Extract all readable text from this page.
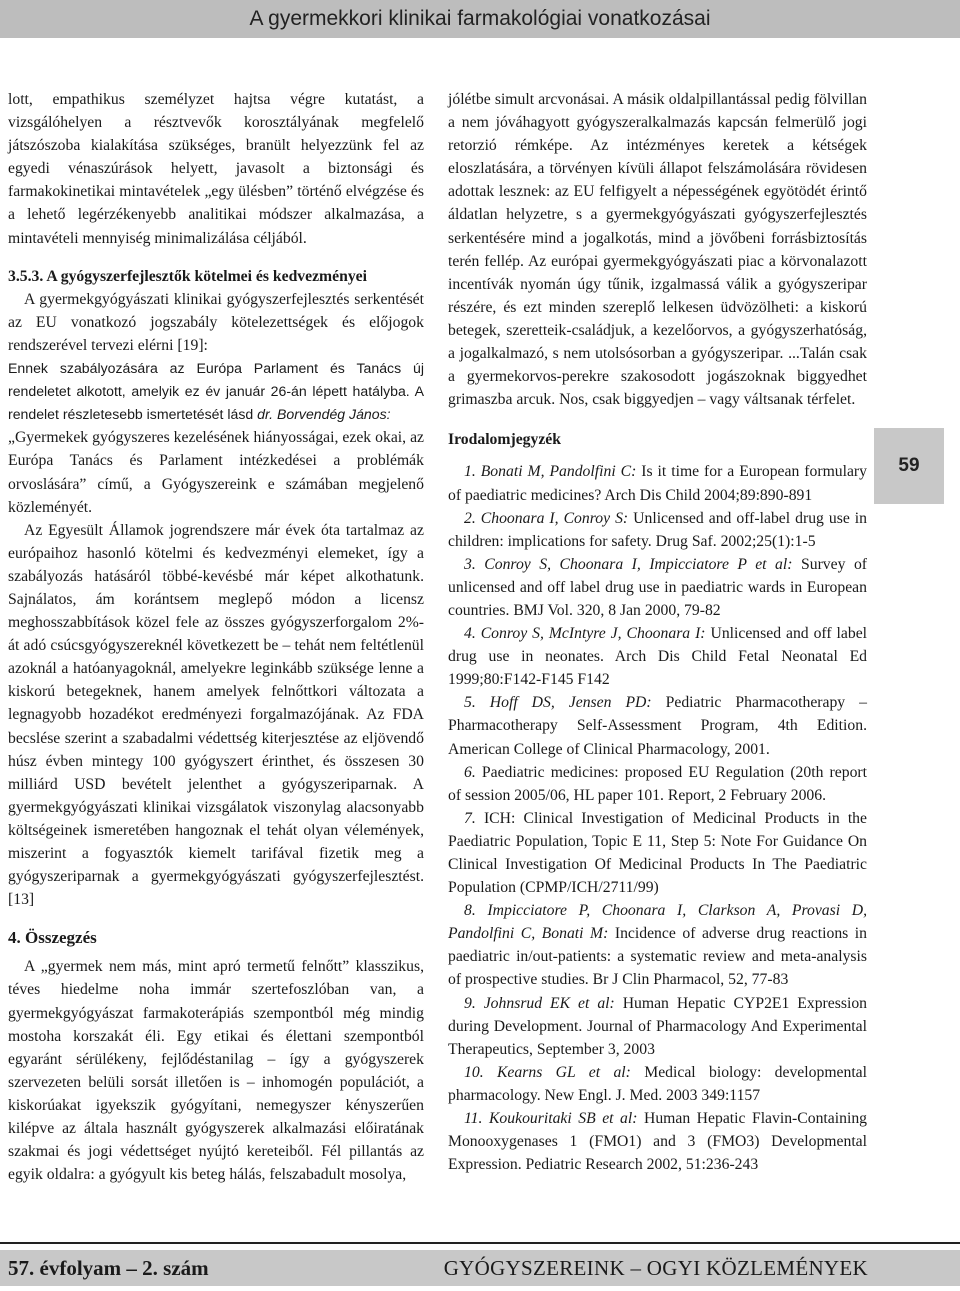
A gyermekkori klinikai farmakológiai vonatkozásai

lott, empathikus személyzet hajtsa végre kutatást, a vizsgálóhelyen a résztvevők korosztályának megfelelő játszószoba kialakítása szükséges, branült helyezzünk fel az egyedi vénaszúrások helyett, javasolt a biztonsági és farmakokinetikai mintavételek „egy ülésben” történő elvégzése és a lehető legérzékenyebb analitikai módszer alkalmazása, a mintavételi mennyiség minimalizálása céljából.

3.5.3. A gyógyszerfejlesztők kötelmei és kedvezményei

A gyermekgyógyászati klinikai gyógyszerfejlesztés serkentését az EU vonatkozó jogszabály kötelezettségek és előjogok rendszerével tervezi elérni [19]:

Ennek szabályozására az Európa Parlament és Tanács új rendeletet alkotott, amelyik ez év január 26-án lépett hatályba. A rendelet részletesebb ismertetését lásd dr. Borvendég János:

„Gyermekek gyógyszeres kezelésének hiányosságai, ezek okai, az Európa Tanács és Parlament intézkedései a problémák orvoslására” című, a Gyógyszereink e számában megjelenő közleményét.

Az Egyesült Államok jogrendszere már évek óta tartalmaz az európaihoz hasonló kötelmi és kedvezményi elemeket, így a szabályozás hatásáról többé-kevésbé már képet alkothatunk. Sajnálatos, ám korántsem meglepő módon a licensz meghosszabbítások közel fele az összes gyógyszerforgalom 2%-át adó csúcsgyógyszereknél következett be – tehát nem feltétlenül azoknál a hatóanyagoknál, amelyekre leginkább szüksége lenne a kiskorú betegeknek, hanem amelyek felnőttkori változata a legnagyobb hozadékot eredményezi forgalmazójának. Az FDA becslése szerint a szabadalmi védettség kiterjesztése az eljövendő húsz évben mintegy 100 gyógyszert érinthet, és összesen 30 milliárd USD bevételt jelenthet a gyógyszeriparnak. A gyermekgyógyászati klinikai vizsgálatok viszonylag alacsonyabb költségeinek ismeretében hangoznak el tehát olyan vélemények, miszerint a fogyasztók kiemelt tarifával fizetik meg a gyógyszeriparnak a gyermekgyógyászati gyógyszerfejlesztést. [13]

4. Összegzés

A „gyermek nem más, mint apró termetű felnőtt” klasszikus, téves hiedelme noha immár szertefoszlóban van, a gyermekgyógyászat farmakoterápiás szempontból még mindig mostoha korszakát éli. Egy etikai és élettani szempontból egyaránt sérülékeny, fejlődéstanilag – így a gyógyszerek szervezeten belüli sorsát illetően is – inhomogén populációt, a kiskorúakat igyekszik gyógyítani, nemegyszer kényszerűen kilépve az általa használt gyógyszerek alkalmazási előiratának szakmai és jogi védettséget nyújtó kereteiből. Fél pillantás az egyik oldalra: a gyógyult kis beteg hálás, felszabadult mosolya,

jólétbe simult arcvonásai. A másik oldalpillantással pedig fölvillan a nem jóváhagyott gyógyszeralkalmazás kapcsán felmerülő jogi retorzió rémképe. Az intézményes keretek a kétségek eloszlatására, a törvényen kívüli állapot felszámolására rövidesen adottak lesznek: az EU felfigyelt a népességének egyötödét érintő áldatlan helyzetre, s a gyermekgyógyászati gyógyszerfejlesztés serkentésére mind a jogalkotás, mind a jövőbeni forrásbiztosítás terén fellép. Az európai gyermekgyógyászati piac a körvonalazott incentívák nyomán úgy tűnik, izgalmassá válik a gyógyszeripar részére, és ezt minden szereplő lelkesen üdvözölheti: a kiskorú betegek, szeretteik-családjuk, a kezelőorvos, a gyógyszerhatóság, a jogalkalmazó, s nem utolsósorban a gyógyszeripar. ...Talán csak a gyermekorvos-perekre szakosodott jogászoknak biggyedhet grimaszba arcuk. Nos, csak biggyedjen – vagy váltsanak térfelet.

Irodalomjegyzék

1. Bonati M, Pandolfini C: Is it time for a European formulary of paediatric medicines? Arch Dis Child 2004;89:890-891

2. Choonara I, Conroy S: Unlicensed and off-label drug use in children: implications for safety. Drug Saf. 2002;25(1):1-5

3. Conroy S, Choonara I, Impicciatore P et al: Survey of unlicensed and off label drug use in paediatric wards in European countries. BMJ Vol. 320, 8 Jan 2000, 79-82

4. Conroy S, McIntyre J, Choonara I: Unlicensed and off label drug use in neonates. Arch Dis Child Fetal Neonatal Ed 1999;80:F142-F145 F142

5. Hoff DS, Jensen PD: Pediatric Pharmacotherapy – Pharmacotherapy Self-Assessment Program, 4th Edition. American College of Clinical Pharmacology, 2001.

6. Paediatric medicines: proposed EU Regulation (20th report of session 2005/06, HL paper 101. Report, 2 February 2006.

7. ICH: Clinical Investigation of Medicinal Products in the Paediatric Population, Topic E 11, Step 5: Note For Guidance On Clinical Investigation Of Medicinal Products In The Paediatric Population (CPMP/ICH/2711/99)

8. Impicciatore P, Choonara I, Clarkson A, Provasi D, Pandolfini C, Bonati M: Incidence of adverse drug reactions in paediatric in/out-patients: a systematic review and meta-analysis of prospective studies. Br J Clin Pharmacol, 52, 77-83

9. Johnsrud EK et al: Human Hepatic CYP2E1 Expression during Development. Journal of Pharmacology And Experimental Therapeutics, September 3, 2003

10. Kearns GL et al: Medical biology: developmental pharmacology. New Engl. J. Med. 2003 349:1157

11. Koukouritaki SB et al: Human Hepatic Flavin-Containing Monooxygenases 1 (FMO1) and 3 (FMO3) Developmental Expression. Pediatric Research 2002, 51:236-243

59
57. évfolyam – 2. szám	GYÓGYSZEREINK – OGYI KÖZLEMÉNYEK
